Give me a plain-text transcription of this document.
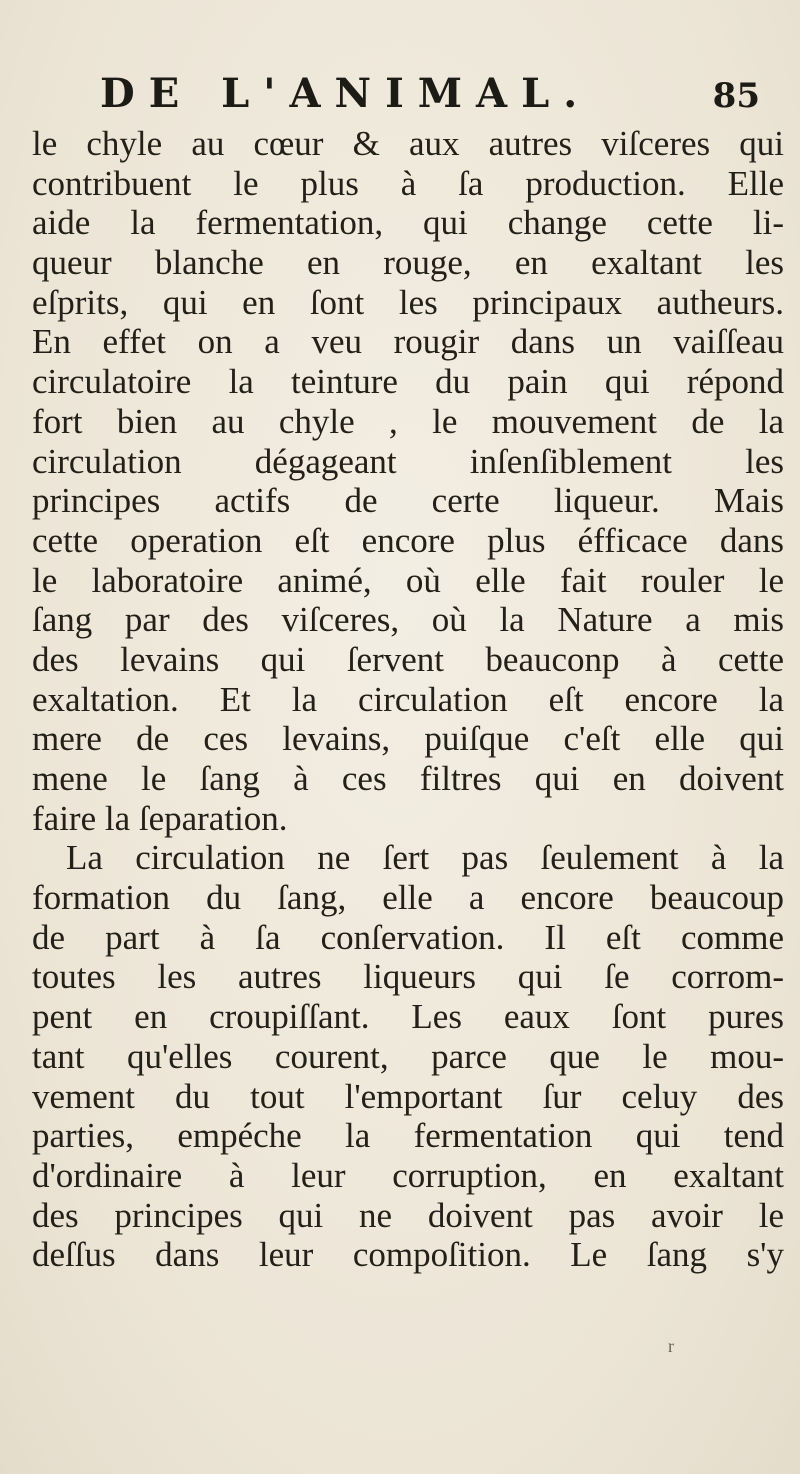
DE L'ANIMAL.	85
le chyle au cœur & aux autres viſceres qui
contribuent le plus à ſa production. Elle
aide la fermentation, qui change cette li-
queur blanche en rouge, en exaltant les
eſprits, qui en ſont les principaux autheurs.
En effet on a veu rougir dans un vaiſſeau
circulatoire la teinture du pain qui répond
fort bien au chyle , le mouvement de la
circulation dégageant inſenſiblement les
principes actifs de certe liqueur. Mais
cette operation eſt encore plus éfficace dans
le laboratoire animé, où elle fait rouler le
ſang par des viſceres, où la Nature a mis
des levains qui ſervent beauconp à cette
exaltation. Et la circulation eſt encore la
mere de ces levains, puiſque c'eſt elle qui
mene le ſang à ces filtres qui en doivent
faire la ſeparation.
La circulation ne ſert pas ſeulement à la
formation du ſang, elle a encore beaucoup
de part à ſa conſervation. Il eſt comme
toutes les autres liqueurs qui ſe corrom-
pent en croupiſſant. Les eaux ſont pures
tant qu'elles courent, parce que le mou-
vement du tout l'emportant ſur celuy des
parties, empéche la fermentation qui tend
d'ordinaire à leur corruption, en exaltant
des principes qui ne doivent pas avoir le
deſſus dans leur compoſition. Le ſang s'y
r
